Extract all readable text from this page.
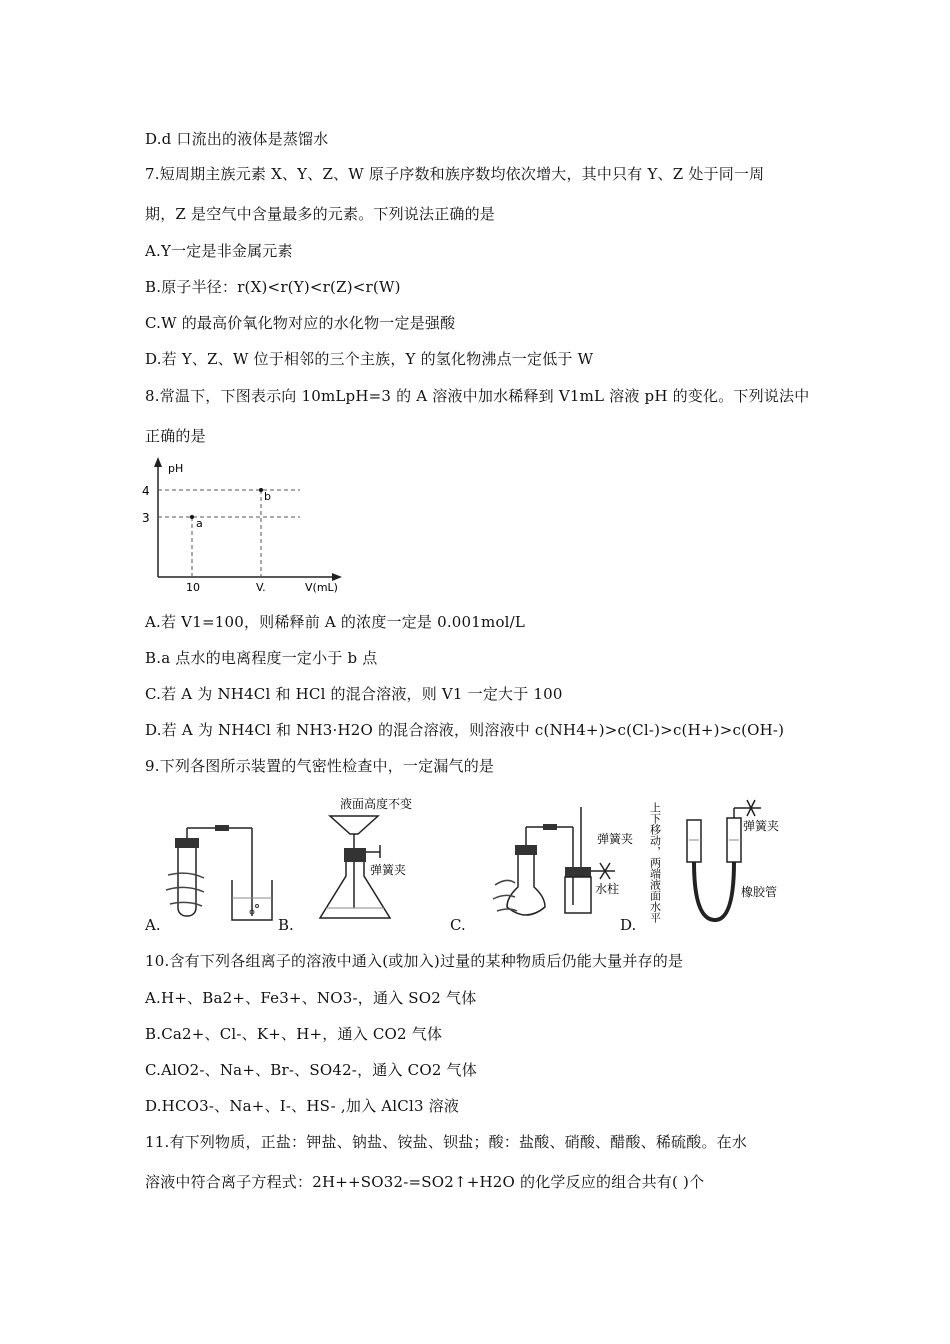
D.d 口流出的液体是蒸馏水
7.短周期主族元素 X、Y、Z、W 原子序数和族序数均依次增大，其中只有 Y、Z 处于同一周
期，Z 是空气中含量最多的元素。下列说法正确的是
A.Y一定是非金属元素
B.原子半径：r(X)<r(Y)<r(Z)<r(W)
C.W 的最高价氧化物对应的水化物一定是强酸
D.若 Y、Z、W 位于相邻的三个主族，Y 的氢化物沸点一定低于 W
8.常温下，下图表示向 10mLpH=3 的 A 溶液中加水稀释到 V1mL 溶液 pH 的变化。下列说法中
正确的是
pH
4
3	a
b
10	V.	V(mL)
A.若 V1=100，则稀释前 A 的浓度一定是 0.001mol/L
B.a 点水的电离程度一定小于 b 点
C.若 A 为 NH4Cl 和 HCl 的混合溶液，则 V1 一定大于 100
D.若 A 为 NH4Cl 和 NH3·H2O 的混合溶液，则溶液中 c(NH4+)>c(Cl-)>c(H+)>c(OH-)
9.下列各图所示装置的气密性检查中，一定漏气的是
A.
液面高度不变
弹簧夹
B.
弹簧夹
水柱
C.
上下移动，两端液面水平	弹簧夹
橡胶管
D.
10.含有下列各组离子的溶液中通入(或加入)过量的某种物质后仍能大量并存的是
A.H+、Ba2+、Fe3+、NO3-，通入 SO2 气体
B.Ca2+、Cl-、K+、H+，通入 CO2 气体
C.AlO2-、Na+、Br-、SO42-，通入 CO2 气体
D.HCO3-、Na+、I-、HS- ,加入 AlCl3 溶液
11.有下列物质，正盐：钾盐、钠盐、铵盐、钡盐；酸：盐酸、硝酸、醋酸、稀硫酸。在水
溶液中符合离子方程式：2H++SO32-=SO2↑+H2O 的化学反应的组合共有( )个
